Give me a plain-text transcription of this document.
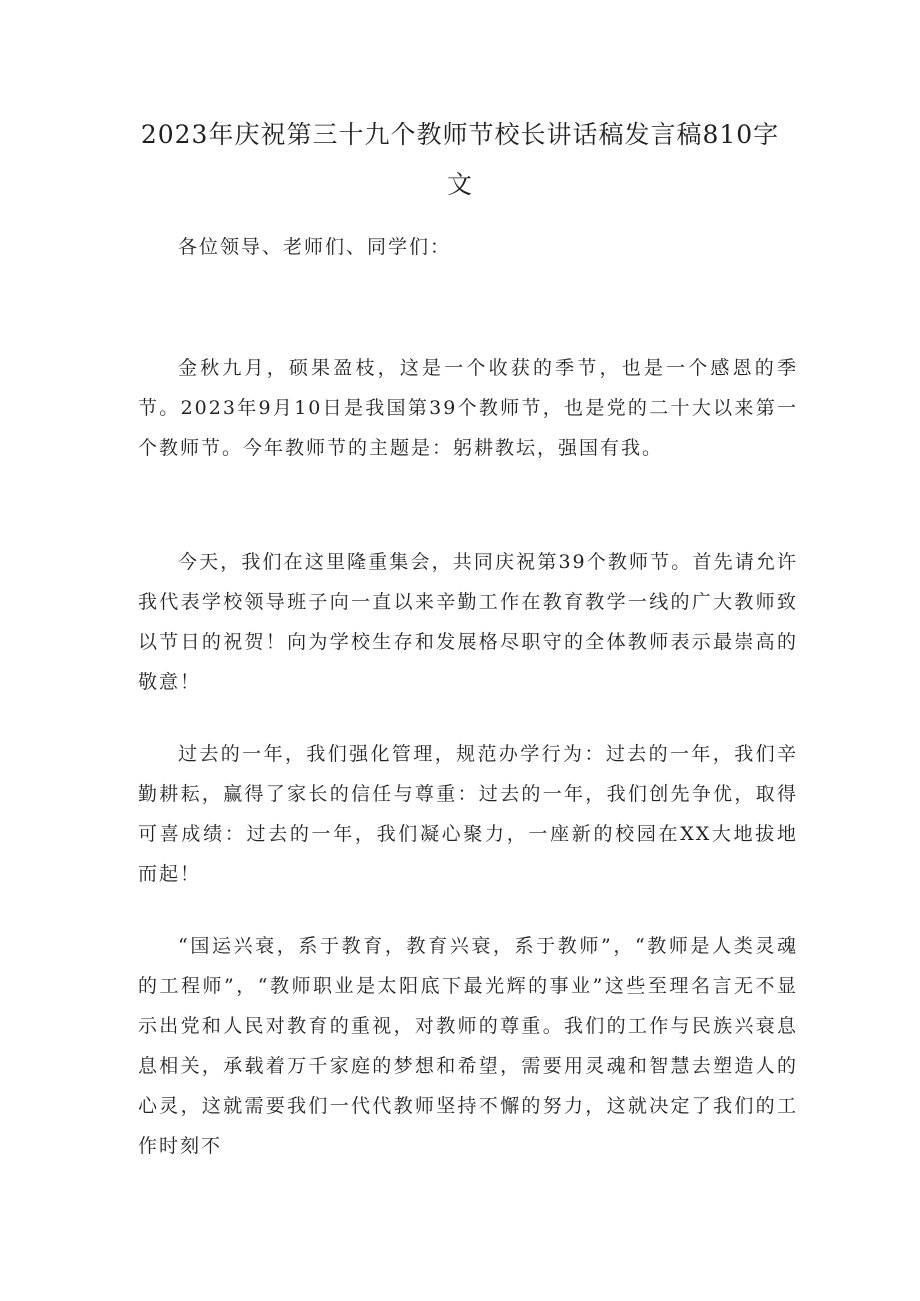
2023年庆祝第三十九个教师节校长讲话稿发言稿810字文
各位领导、老师们、同学们：
金秋九月，硕果盈枝，这是一个收获的季节，也是一个感恩的季节。2023年9月10日是我国第39个教师节，也是党的二十大以来第一个教师节。今年教师节的主题是：躬耕教坛，强国有我。
今天，我们在这里隆重集会，共同庆祝第39个教师节。首先请允许我代表学校领导班子向一直以来辛勤工作在教育教学一线的广大教师致以节日的祝贺！向为学校生存和发展格尽职守的全体教师表示最崇高的敬意！
过去的一年，我们强化管理，规范办学行为：过去的一年，我们辛勤耕耘，赢得了家长的信任与尊重：过去的一年，我们创先争优，取得可喜成绩：过去的一年，我们凝心聚力，一座新的校园在XX大地拔地而起！
“国运兴衰，系于教育，教育兴衰，系于教师”，“教师是人类灵魂的工程师”，“教师职业是太阳底下最光辉的事业”这些至理名言无不显示出党和人民对教育的重视，对教师的尊重。我们的工作与民族兴衰息息相关，承载着万千家庭的梦想和希望，需要用灵魂和智慧去塑造人的心灵，这就需要我们一代代教师坚持不懈的努力，这就决定了我们的工作时刻不
